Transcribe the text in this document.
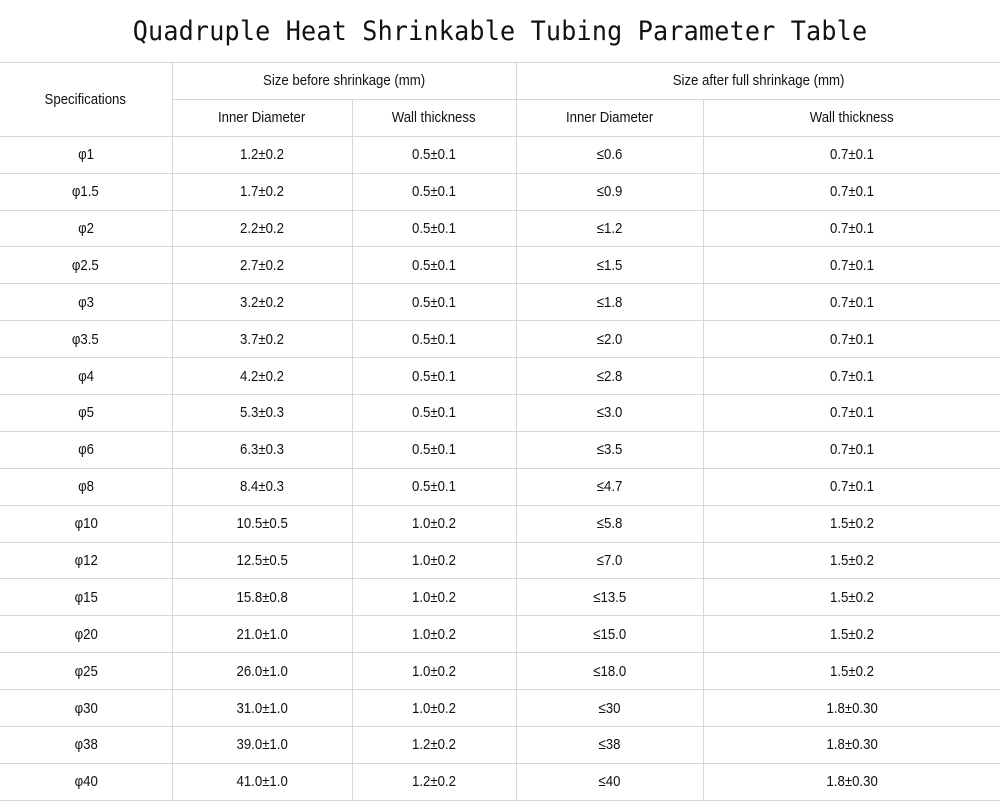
Quadruple Heat Shrinkable Tubing Parameter Table
Specifications	Size before shrinkage (mm)		Size after full shrinkage (mm)	
	Inner Diameter	Wall thickness	Inner Diameter	Wall thickness
φ1	1.2±0.2	0.5±0.1	≤0.6	0.7±0.1
φ1.5	1.7±0.2	0.5±0.1	≤0.9	0.7±0.1
φ2	2.2±0.2	0.5±0.1	≤1.2	0.7±0.1
φ2.5	2.7±0.2	0.5±0.1	≤1.5	0.7±0.1
φ3	3.2±0.2	0.5±0.1	≤1.8	0.7±0.1
φ3.5	3.7±0.2	0.5±0.1	≤2.0	0.7±0.1
φ4	4.2±0.2	0.5±0.1	≤2.8	0.7±0.1
φ5	5.3±0.3	0.5±0.1	≤3.0	0.7±0.1
φ6	6.3±0.3	0.5±0.1	≤3.5	0.7±0.1
φ8	8.4±0.3	0.5±0.1	≤4.7	0.7±0.1
φ10	10.5±0.5	1.0±0.2	≤5.8	1.5±0.2
φ12	12.5±0.5	1.0±0.2	≤7.0	1.5±0.2
φ15	15.8±0.8	1.0±0.2	≤13.5	1.5±0.2
φ20	21.0±1.0	1.0±0.2	≤15.0	1.5±0.2
φ25	26.0±1.0	1.0±0.2	≤18.0	1.5±0.2
φ30	31.0±1.0	1.0±0.2	≤30	1.8±0.30
φ38	39.0±1.0	1.2±0.2	≤38	1.8±0.30
φ40	41.0±1.0	1.2±0.2	≤40	1.8±0.30
